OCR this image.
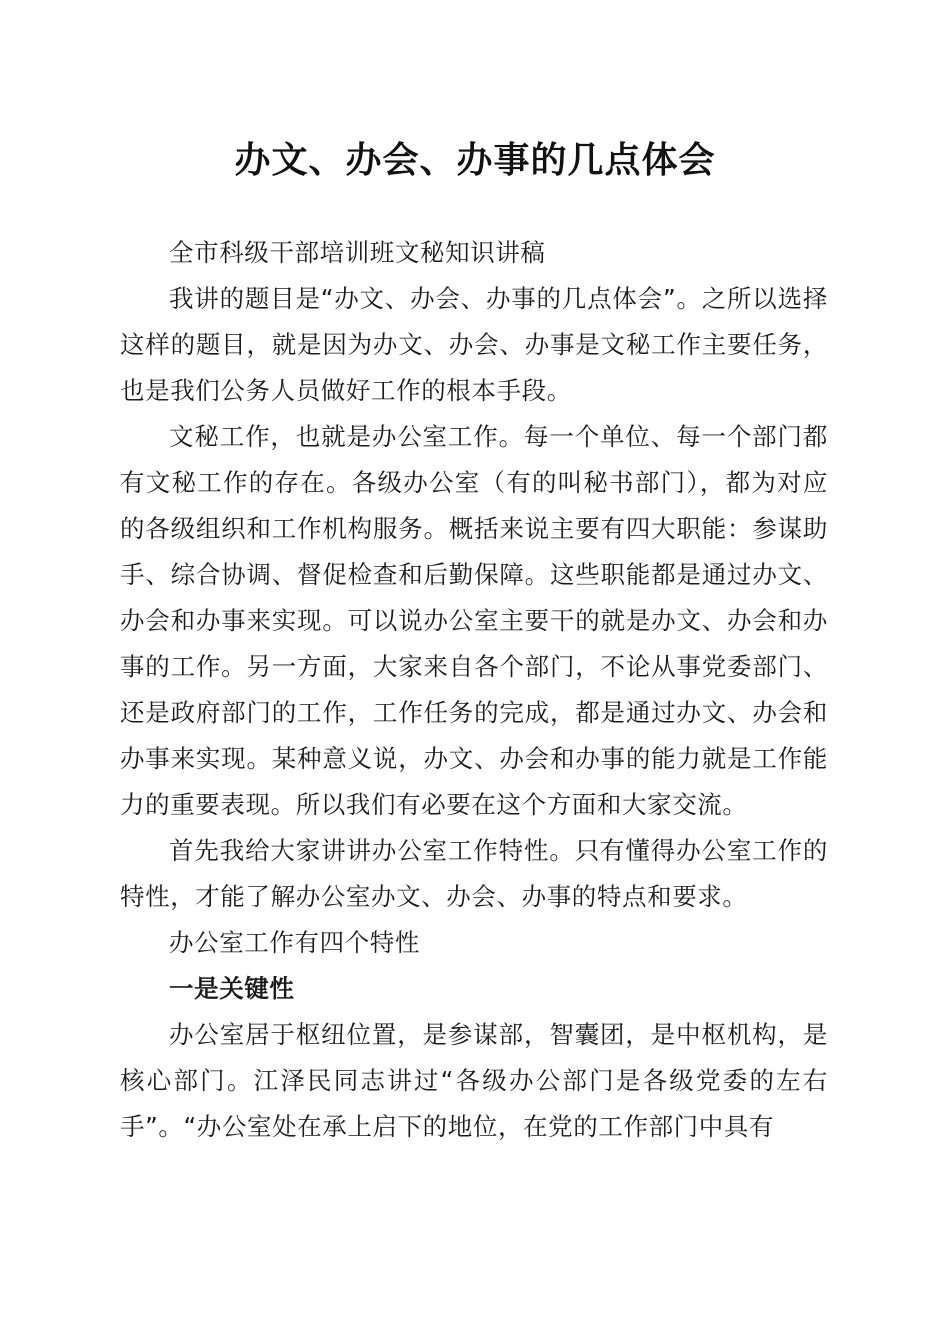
办文、办会、办事的几点体会

全市科级干部培训班文秘知识讲稿

我讲的题目是“办文、办会、办事的几点体会”。之所以选择这样的题目，就是因为办文、办会、办事是文秘工作主要任务，也是我们公务人员做好工作的根本手段。

文秘工作，也就是办公室工作。每一个单位、每一个部门都有文秘工作的存在。各级办公室（有的叫秘书部门），都为对应的各级组织和工作机构服务。概括来说主要有四大职能：参谋助手、综合协调、督促检查和后勤保障。这些职能都是通过办文、办会和办事来实现。可以说办公室主要干的就是办文、办会和办事的工作。另一方面，大家来自各个部门，不论从事党委部门、还是政府部门的工作，工作任务的完成，都是通过办文、办会和办事来实现。某种意义说，办文、办会和办事的能力就是工作能力的重要表现。所以我们有必要在这个方面和大家交流。

首先我给大家讲讲办公室工作特性。只有懂得办公室工作的特性，才能了解办公室办文、办会、办事的特点和要求。

办公室工作有四个特性

一是关键性

办公室居于枢纽位置，是参谋部，智囊团，是中枢机构，是核心部门。江泽民同志讲过“各级办公部门是各级党委的左右手”。“办公室处在承上启下的地位，在党的工作部门中具有
